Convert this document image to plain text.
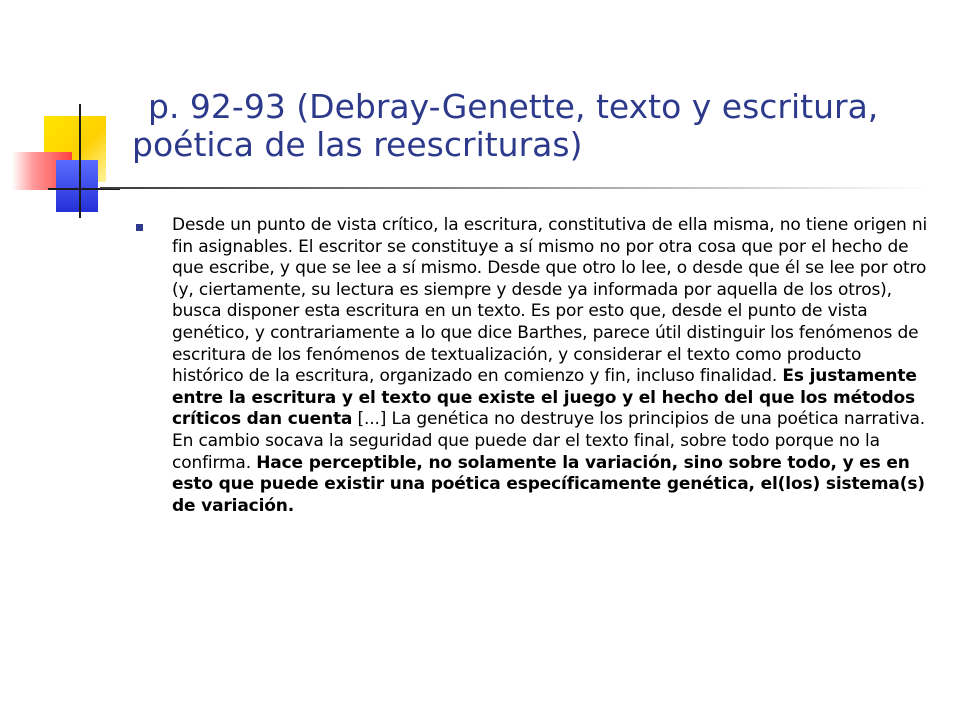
p. 92-93 (Debray-Genette, texto y escritura, poética de las reescrituras)
Desde un punto de vista crítico, la escritura, constitutiva de ella misma, no tiene origen ni fin asignables. El escritor se constituye a sí mismo no por otra cosa que por el hecho de que escribe, y que se lee a sí mismo. Desde que otro lo lee, o desde que él se lee por otro (y, ciertamente, su lectura es siempre y desde ya informada por aquella de los otros), busca disponer esta escritura en un texto. Es por esto que, desde el punto de vista genético, y contrariamente a lo que dice Barthes, parece útil distinguir los fenómenos de escritura de los fenómenos de textualización, y considerar el texto como producto histórico de la escritura, organizado en comienzo y fin, incluso finalidad. Es justamente entre la escritura y el texto que existe el juego y el hecho del que los métodos críticos dan cuenta [...] La genética no destruye los principios de una poética narrativa. En cambio socava la seguridad que puede dar el texto final, sobre todo porque no la confirma. Hace perceptible, no solamente la variación, sino sobre todo, y es en esto que puede existir una poética específicamente genética, el(los) sistema(s) de variación.
